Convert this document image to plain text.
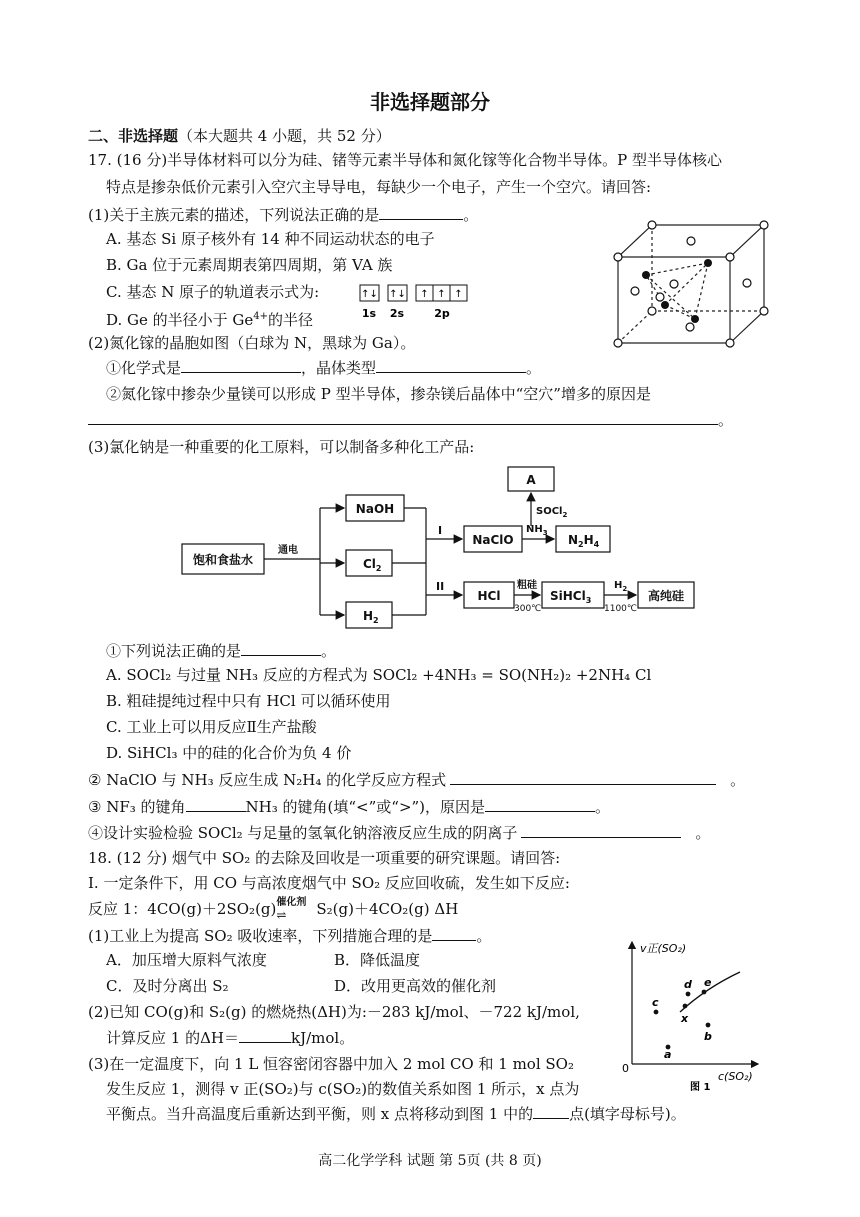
非选择题部分
二、非选择题（本大题共 4 小题，共 52 分）
17. (16 分)半导体材料可以分为硅、锗等元素半导体和氮化镓等化合物半导体。P 型半导体核心
特点是掺杂低价元素引入空穴主导导电，每缺少一个电子，产生一个空穴。请回答:
(1)关于主族元素的描述，下列说法正确的是	。
A. 基态 Si 原子核外有 14 种不同运动状态的电子
B. Ga 位于元素周期表第四周期，第 VA 族
C. 基态 N 原子的轨道表示式为:	↑↓ ↑↓ ↑ ↑ ↑
1s 2s	2p
D. Ge 的半径小于 $Ge^{4+}$的半径
(2)氮化镓的晶胞如图（白球为 N，黑球为 Ga）。
①化学式是	，晶体类型	。
②氮化镓中掺杂少量镁可以形成 P 型半导体，掺杂镁后晶体中“空穴”增多的原因是
。
(3)氯化钠是一种重要的化工原料，可以制备多种化工产品:
饱和食盐水
通电
NaOH
$Cl_2$
$H_2$
I
II
NaClO
$NH_3$ $N_2H_4$
A
SOCl$_2$
HCl
粗硅
300℃
SiHCl$_3$
$H_2$
1100℃
高纯硅
①下列说法正确的是	。
A. SOCl₂ 与过量 NH₃ 反应的方程式为 SOCl₂ +4NH₃ = SO(NH₂)₂ +2NH₄ Cl
B. 粗硅提纯过程中只有 HCl 可以循环使用
C. 工业上可以用反应Ⅱ生产盐酸
D. SiHCl₃ 中的硅的化合价为负 4 价
② NaClO 与 NH₃ 反应生成 N₂H₄ 的化学反应方程式	。
③ NF₃ 的键角	NH₃ 的键角(填“<”或“>”)，原因是	。
④设计实验检验 SOCl₂ 与足量的氢氧化钠溶液反应生成的阴离子	。
18. (12 分) 烟气中 SO₂ 的去除及回收是一项重要的研究课题。请回答:
I. 一定条件下，用 CO 与高浓度烟气中 SO₂ 反应回收硫，发生如下反应:
反应 1：4CO(g)＋2SO₂(g) 催化剂
⇌ S₂(g)＋4CO₂(g) ΔH
(1)工业上为提高 SO₂ 吸收速率，下列措施合理的是	。
A．加压增大原料气浓度	B．降低温度
C．及时分离出 S₂	D．改用更高效的催化剂
(2)已知 CO(g)和 S₂(g) 的燃烧热(ΔH)为:－283 kJ/mol、－722 kJ/mol,
计算反应 1 的ΔH＝	kJ/mol。
(3)在一定温度下，向 1 L 恒容密闭容器中加入 2 mol CO 和 1 mol SO₂
发生反应 1，测得 v 正(SO₂)与 c(SO₂)的数值关系如图 1 所示，x 点为
平衡点。当升高温度后重新达到平衡，则 x 点将移动到图 1 中的 点(填字母标号)。
v正(SO₂)
c(SO₂)
0
图 1
a
b
c
d e
x
高二化学学科 试题 第 5页 (共 8 页)
